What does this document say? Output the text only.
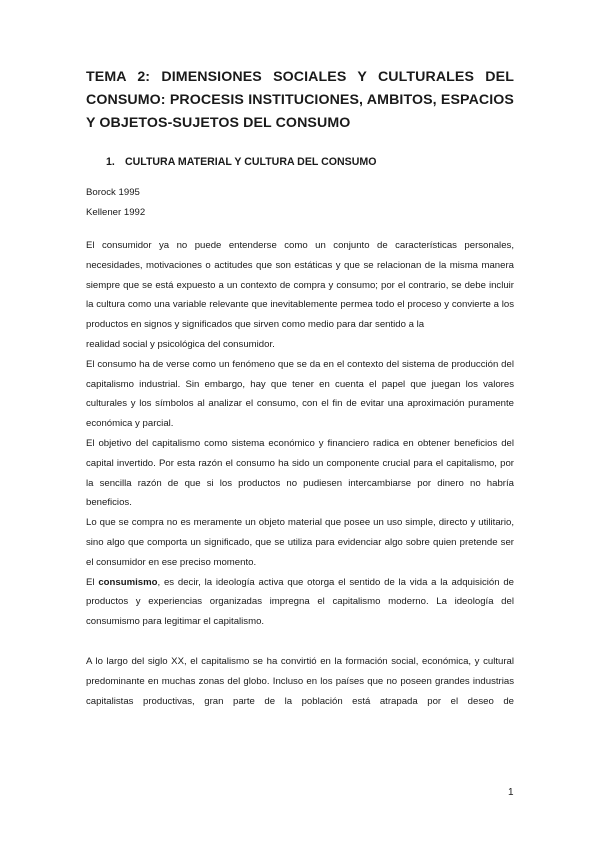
TEMA 2: DIMENSIONES SOCIALES Y CULTURALES DEL CONSUMO: PROCESIS INSTITUCIONES, AMBITOS, ESPACIOS Y OBJETOS-SUJETOS DEL CONSUMO
1. CULTURA MATERIAL Y CULTURA DEL CONSUMO
Borock 1995
Kellener 1992

El consumidor ya no puede entenderse como un conjunto de características personales, necesidades, motivaciones o actitudes que son estáticas y que se relacionan de la misma manera siempre que se está expuesto a un contexto de compra y consumo; por el contrario, se debe incluir la cultura como una variable relevante que inevitablemente permea todo el proceso y convierte a los productos en signos y significados que sirven como medio para dar sentido a la

realidad social y psicológica del consumidor.

El consumo ha de verse como un fenómeno que se da en el contexto del sistema de producción del capitalismo industrial. Sin embargo, hay que tener en cuenta el papel que juegan los valores culturales y los símbolos al analizar el consumo, con el fin de evitar una aproximación puramente económica y parcial.

El objetivo del capitalismo como sistema económico y financiero radica en obtener beneficios del capital invertido. Por esta razón el consumo ha sido un componente crucial para el capitalismo, por la sencilla razón de que si los productos no pudiesen intercambiarse por dinero no habría beneficios.

Lo que se compra no es meramente un objeto material que posee un uso simple, directo y utilitario, sino algo que comporta un significado, que se utiliza para evidenciar algo sobre quien pretende ser el consumidor en ese preciso momento.

El consumismo, es decir, la ideología activa que otorga el sentido de la vida a la adquisición de productos y experiencias organizadas impregna el capitalismo moderno. La ideología del consumismo para legitimar el capitalismo.

A lo largo del siglo XX, el capitalismo se ha convirtió en la formación social, económica, y cultural predominante en muchas zonas del globo. Incluso en los países que no poseen grandes industrias capitalistas productivas, gran parte de la población está atrapada por el deseo de

1
